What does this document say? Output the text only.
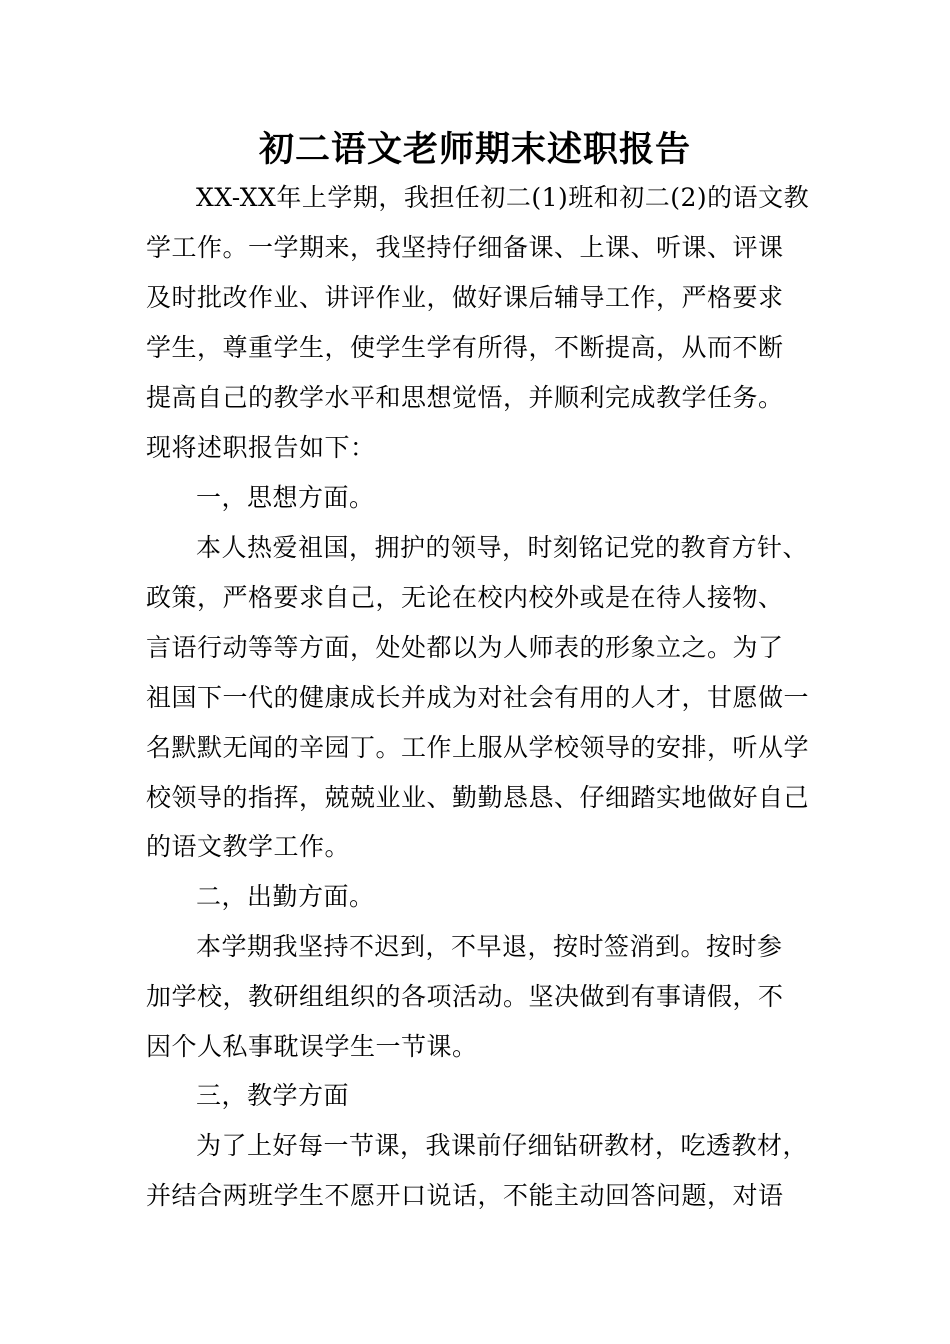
初二语文老师期末述职报告
XX-XX年上学期，我担任初二(1)班和初二(2)的语文教
学工作。一学期来，我坚持仔细备课、上课、听课、评课
及时批改作业、讲评作业，做好课后辅导工作，严格要求
学生，尊重学生，使学生学有所得，不断提高，从而不断
提高自己的教学水平和思想觉悟，并顺利完成教学任务。
现将述职报告如下：
一，思想方面。
本人热爱祖国，拥护的领导，时刻铭记党的教育方针、
政策，严格要求自己，无论在校内校外或是在待人接物、
言语行动等等方面，处处都以为人师表的形象立之。为了
祖国下一代的健康成长并成为对社会有用的人才，甘愿做一
名默默无闻的辛园丁。工作上服从学校领导的安排，听从学
校领导的指挥，兢兢业业、勤勤恳恳、仔细踏实地做好自己
的语文教学工作。
二，出勤方面。
本学期我坚持不迟到，不早退，按时签消到。按时参
加学校，教研组组织的各项活动。坚决做到有事请假，不
因个人私事耽误学生一节课。
三，教学方面
为了上好每一节课，我课前仔细钻研教材，吃透教材，
并结合两班学生不愿开口说话，不能主动回答问题，对语
